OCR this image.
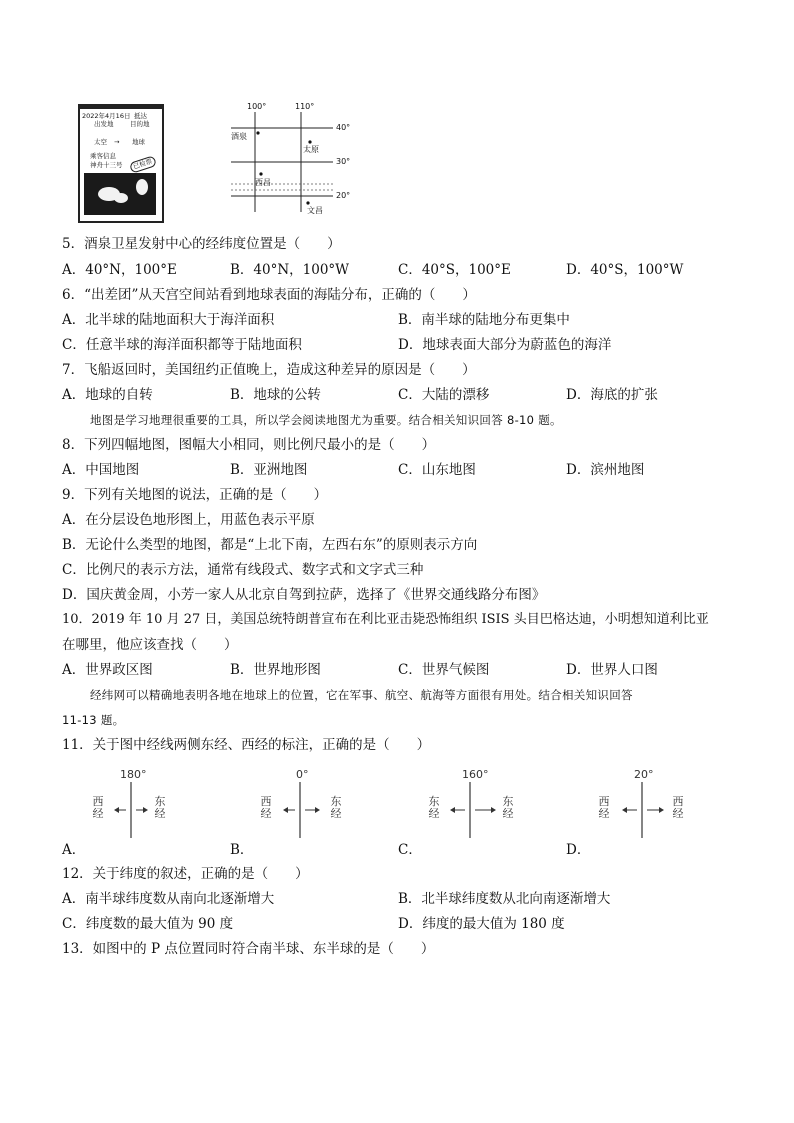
2022年4月16日
出发地
抵达
目的地
太空 → 地球
乘客信息
神舟十三号	已检票
100°	110°
40°
30°
20°
酒泉
太原
西昌
文昌
5．酒泉卫星发射中心的经纬度位置是（　　）
A．40°N，100°E	B．40°N，100°W	C．40°S，100°E	D．40°S，100°W
6．“出差团”从天宫空间站看到地球表面的海陆分布，正确的（　　）
A．北半球的陆地面积大于海洋面积	B．南半球的陆地分布更集中
C．任意半球的海洋面积都等于陆地面积	D．地球表面大部分为蔚蓝色的海洋
7．飞船返回时，美国纽约正值晚上，造成这种差异的原因是（　　）
A．地球的自转	B．地球的公转	C．大陆的漂移	D．海底的扩张
地图是学习地理很重要的工具，所以学会阅读地图尤为重要。结合相关知识回答 8-10 题。
8．下列四幅地图，图幅大小相同，则比例尺最小的是（　　）
A．中国地图	B．亚洲地图	C．山东地图	D．滨州地图
9．下列有关地图的说法，正确的是（　　）
A．在分层设色地形图上，用蓝色表示平原
B．无论什么类型的地图，都是“上北下南，左西右东”的原则表示方向
C．比例尺的表示方法，通常有线段式、数字式和文字式三种
D．国庆黄金周，小芳一家人从北京自驾到拉萨，选择了《世界交通线路分布图》
10．2019 年 10 月 27 日，美国总统特朗普宣布在利比亚击毙恐怖组织 ISIS 头目巴格达迪，小明想知道利比亚
在哪里，他应该查找（　　）
A．世界政区图	B．世界地形图	C．世界气候图	D．世界人口图
经纬网可以精确地表明各地在地球上的位置，它在军事、航空、航海等方面很有用处。结合相关知识回答
11-13 题。
11．关于图中经线两侧东经、西经的标注，正确的是（　　）
180°
西经
东经
A．
0°
西经
东经
B．
160°
东经
东经
C．
20°
西经
西经
D．
12．关于纬度的叙述，正确的是（　　）
A．南半球纬度数从南向北逐渐增大	B．北半球纬度数从北向南逐渐增大
C．纬度数的最大值为 90 度	D．纬度的最大值为 180 度
13．如图中的 P 点位置同时符合南半球、东半球的是（　　）
